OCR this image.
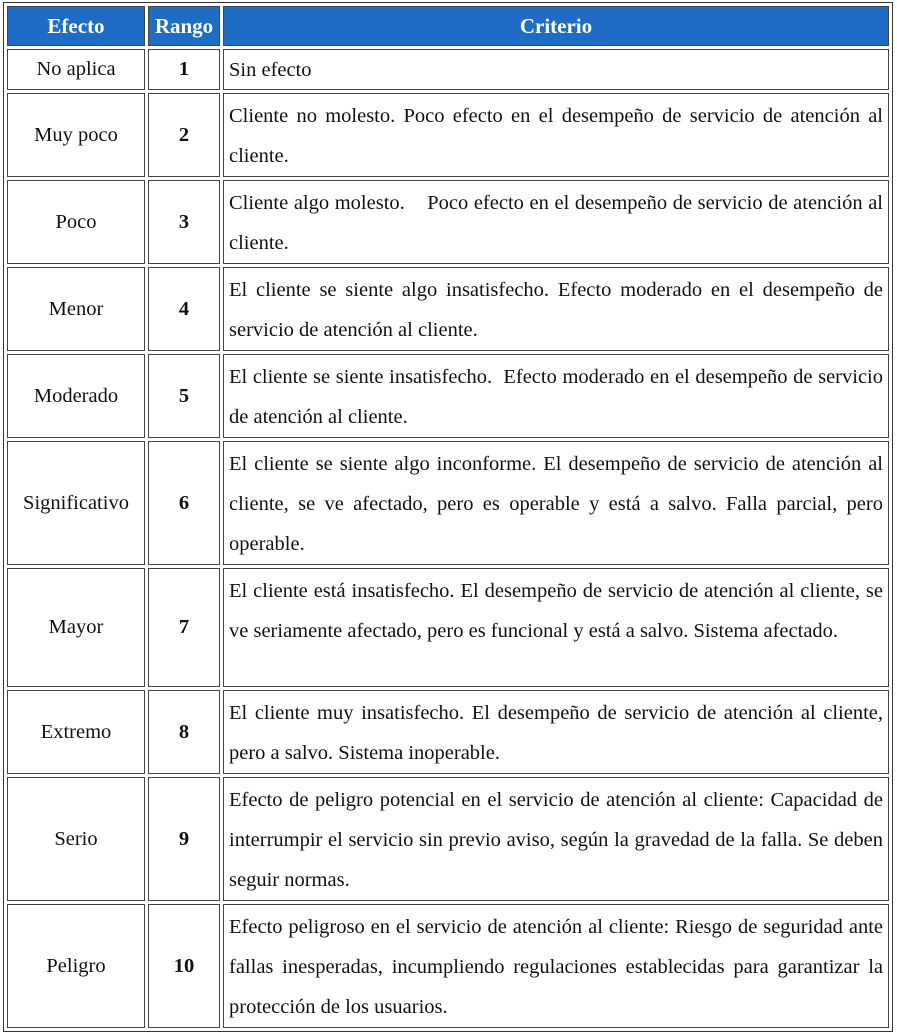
Efecto	Rango	Criterio
No aplica	1	Sin efecto
Muy poco	2	Cliente no molesto. Poco efecto en el desempeño de servicio de atención al cliente.
Poco	3	Cliente algo molesto.    Poco efecto en el desempeño de servicio de atención al cliente.
Menor	4	El cliente se siente algo insatisfecho. Efecto moderado en el desempeño de servicio de atención al cliente.
Moderado	5	El cliente se siente insatisfecho.  Efecto moderado en el desempeño de servicio de atención al cliente.
Significativo	6	El cliente se siente algo inconforme. El desempeño de servicio de atención al cliente, se ve afectado, pero es operable y está a salvo. Falla parcial, pero operable.
Mayor	7	El cliente está insatisfecho. El desempeño de servicio de atención al cliente, se ve seriamente afectado, pero es funcional y está a salvo. Sistema afectado.
Extremo	8	El cliente muy insatisfecho. El desempeño de servicio de atención al cliente, pero a salvo. Sistema inoperable.
Serio	9	Efecto de peligro potencial en el servicio de atención al cliente: Capacidad de interrumpir el servicio sin previo aviso, según la gravedad de la falla. Se deben seguir normas.
Peligro	10	Efecto peligroso en el servicio de atención al cliente: Riesgo de seguridad ante fallas inesperadas, incumpliendo regulaciones establecidas para garantizar la protección de los usuarios.
